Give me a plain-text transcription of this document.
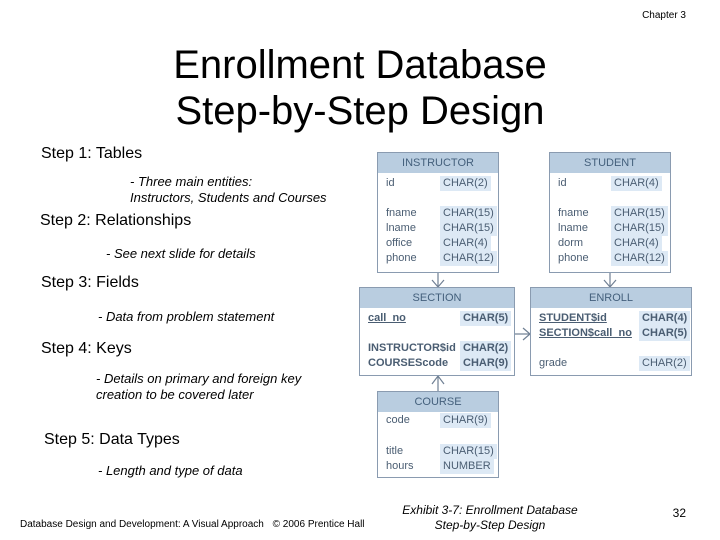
Chapter 3
Enrollment Database
Step-by-Step Design
Step 1: Tables
- Three main entities:
Instructors, Students and Courses
Step 2: Relationships
- See next slide for details
Step 3: Fields
- Data from problem statement
Step 4: Keys
- Details on primary and foreign key
creation to be covered later
Step 5: Data Types
- Length and type of data
INSTRUCTOR
id	CHAR(2)
fname CHAR(15)
lname CHAR(15)
office	CHAR(4)
phone CHAR(12)
STUDENT
id	CHAR(4)
fname CHAR(15)
lname CHAR(15)
dorm	CHAR(4)
phone CHAR(12)
SECTION
call_no	CHAR(5)
INSTRUCTOR$id CHAR(2)
COURSEScode CHAR(9)
ENROLL
STUDENT$id	CHAR(4)
SECTION$call_no CHAR(5)
grade	CHAR(2)
COURSE
code	CHAR(9)
title	CHAR(15)
hours	NUMBER
Database Design and Development: A Visual Approach © 2006 Prentice Hall
Exhibit 3-7: Enrollment Database
Step-by-Step Design
32
